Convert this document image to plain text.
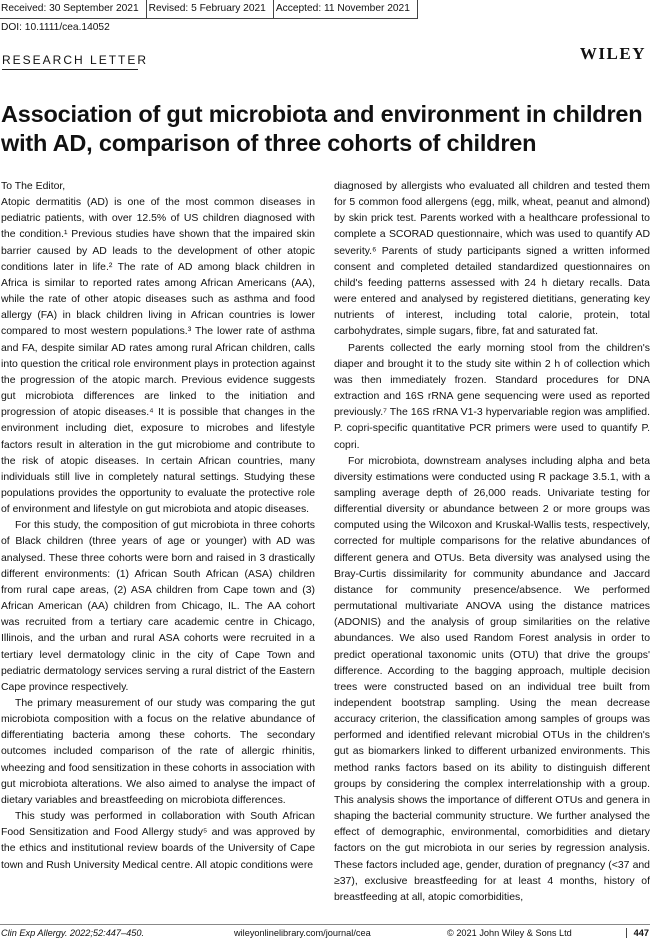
Received: 30 September 2021 Revised: 5 February 2021 Accepted: 11 November 2021
DOI: 10.1111/cea.14052
RESEARCH LETTER	WILEY
Association of gut microbiota and environment in children with AD, comparison of three cohorts of children

To The Editor,

Atopic dermatitis (AD) is one of the most common diseases in pediatric patients, with over 12.5% of US children diagnosed with the condition.¹ Previous studies have shown that the impaired skin barrier caused by AD leads to the development of other atopic conditions later in life.² The rate of AD among black children in Africa is similar to reported rates among African Americans (AA), while the rate of other atopic diseases such as asthma and food allergy (FA) in black children living in African countries is lower compared to most western populations.³ The lower rate of asthma and FA, despite similar AD rates among rural African children, calls into question the critical role environment plays in protection against the progression of the atopic march. Previous evidence suggests gut microbiota differences are linked to the initiation and progression of atopic diseases.⁴ It is possible that changes in the environment including diet, exposure to microbes and lifestyle factors result in alteration in the gut microbiome and contribute to the risk of atopic diseases. In certain African countries, many individuals still live in completely natural settings. Studying these populations provides the opportunity to evaluate the protective role of environment and lifestyle on gut microbiota and atopic diseases.

For this study, the composition of gut microbiota in three cohorts of Black children (three years of age or younger) with AD was analysed. These three cohorts were born and raised in 3 drastically different environments: (1) African South African (ASA) children from rural cape areas, (2) ASA children from Cape town and (3) African American (AA) children from Chicago, IL. The AA cohort was recruited from a tertiary care academic centre in Chicago, Illinois, and the urban and rural ASA cohorts were recruited in a tertiary level dermatology clinic in the city of Cape Town and pediatric dermatology services serving a rural district of the Eastern Cape province respectively.

The primary measurement of our study was comparing the gut microbiota composition with a focus on the relative abundance of differentiating bacteria among these cohorts. The secondary outcomes included comparison of the rate of allergic rhinitis, wheezing and food sensitization in these cohorts in association with gut microbiota alterations. We also aimed to analyse the impact of dietary variables and breastfeeding on microbiota differences.

This study was performed in collaboration with South African Food Sensitization and Food Allergy study⁵ and was approved by the ethics and institutional review boards of the University of Cape town and Rush University Medical centre. All atopic conditions were

diagnosed by allergists who evaluated all children and tested them for 5 common food allergens (egg, milk, wheat, peanut and almond) by skin prick test. Parents worked with a healthcare professional to complete a SCORAD questionnaire, which was used to quantify AD severity.⁶ Parents of study participants signed a written informed consent and completed detailed standardized questionnaires on child's feeding patterns assessed with 24 h dietary recalls. Data were entered and analysed by registered dietitians, generating key nutrients of interest, including total calorie, protein, total carbohydrates, simple sugars, fibre, fat and saturated fat.

Parents collected the early morning stool from the children's diaper and brought it to the study site within 2 h of collection which was then immediately frozen. Standard procedures for DNA extraction and 16S rRNA gene sequencing were used as reported previously.⁷ The 16S rRNA V1-3 hypervariable region was amplified. P. copri-specific quantitative PCR primers were used to quantify P. copri.

For microbiota, downstream analyses including alpha and beta diversity estimations were conducted using R package 3.5.1, with a sampling average depth of 26,000 reads. Univariate testing for differential diversity or abundance between 2 or more groups was computed using the Wilcoxon and Kruskal-Wallis tests, respectively, corrected for multiple comparisons for the relative abundances of different genera and OTUs. Beta diversity was analysed using the Bray-Curtis dissimilarity for community abundance and Jaccard distance for community presence/absence. We performed permutational multivariate ANOVA using the distance matrices (ADONIS) and the analysis of group similarities on the relative abundances. We also used Random Forest analysis in order to predict operational taxonomic units (OTU) that drive the groups' difference. According to the bagging approach, multiple decision trees were constructed based on an individual tree built from independent bootstrap sampling. Using the mean decrease accuracy criterion, the classification among samples of groups was performed and identified relevant microbial OTUs in the children's gut as biomarkers linked to different urbanized environments. This method ranks factors based on its ability to distinguish different groups by considering the complex interrelationship with a group. This analysis shows the importance of different OTUs and genera in shaping the bacterial community structure. We further analysed the effect of demographic, environmental, comorbidities and dietary factors on the gut microbiota in our series by regression analysis. These factors included age, gender, duration of pregnancy (<37 and ≥37), exclusive breastfeeding for at least 4 months, history of breastfeeding at all, atopic comorbidities,

Clin Exp Allergy. 2022;52:447–450.	wileyonlinelibrary.com/journal/cea	© 2021 John Wiley & Sons Ltd	447
